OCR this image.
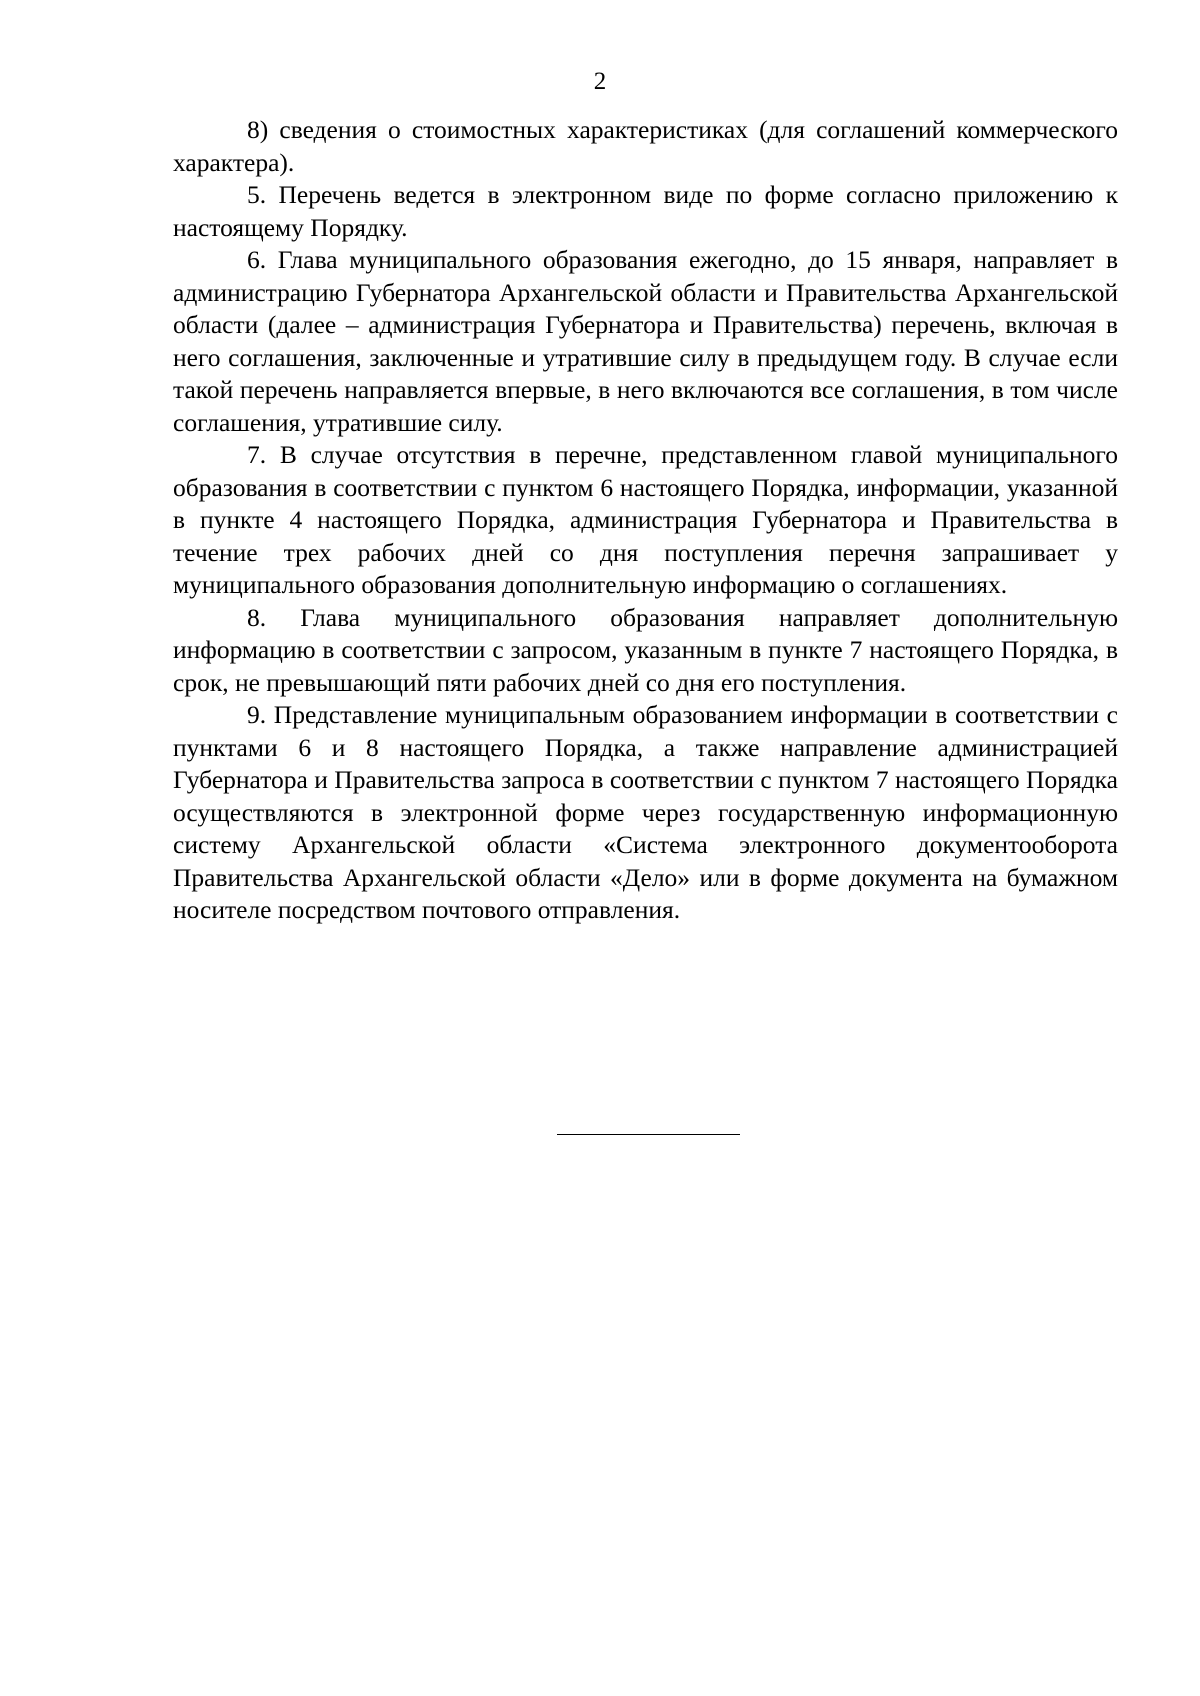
2

8) сведения о стоимостных характеристиках (для соглашений коммерческого характера).

5. Перечень ведется в электронном виде по форме согласно приложению к настоящему Порядку.

6. Глава муниципального образования ежегодно, до 15 января, направляет в администрацию Губернатора Архангельской области и Правительства Архангельской области (далее – администрация Губернатора и Правительства) перечень, включая в него соглашения, заключенные и утратившие силу в предыдущем году. В случае если такой перечень направляется впервые, в него включаются все соглашения, в том числе соглашения, утратившие силу.

7. В случае отсутствия в перечне, представленном главой муниципального образования в соответствии с пунктом 6 настоящего Порядка, информации, указанной в пункте 4 настоящего Порядка, администрация Губернатора и Правительства в течение трех рабочих дней со дня поступления перечня запрашивает у муниципального образования дополнительную информацию о соглашениях.

8. Глава муниципального образования направляет дополнительную информацию в соответствии с запросом, указанным в пункте 7 настоящего Порядка, в срок, не превышающий пяти рабочих дней со дня его поступления.

9. Представление муниципальным образованием информации в соответствии с пунктами 6 и 8 настоящего Порядка, а также направление администрацией Губернатора и Правительства запроса в соответствии с пунктом 7 настоящего Порядка осуществляются в электронной форме через государственную информационную систему Архангельской области «Система электронного документооборота Правительства Архангельской области «Дело» или в форме документа на бумажном носителе посредством почтового отправления.
